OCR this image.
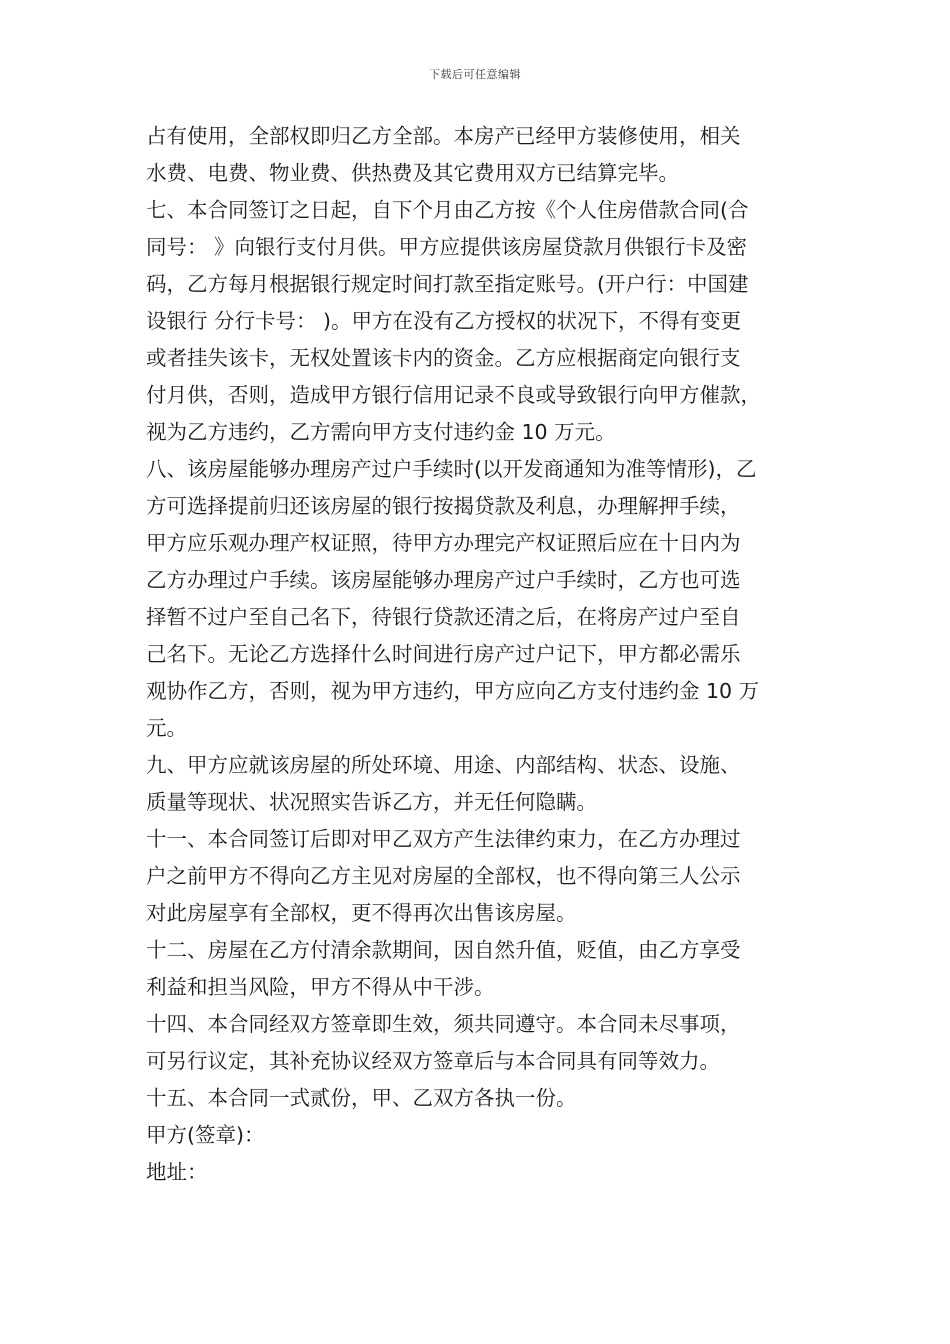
下载后可任意编辑
占有使用，全部权即归乙方全部。本房产已经甲方装修使用，相关
水费、电费、物业费、供热费及其它费用双方已结算完毕。
七、本合同签订之日起，自下个月由乙方按《个人住房借款合同(合
同号： 》向银行支付月供。甲方应提供该房屋贷款月供银行卡及密
码，乙方每月根据银行规定时间打款至指定账号。(开户行：中国建
设银行 分行卡号： )。甲方在没有乙方授权的状况下，不得有变更
或者挂失该卡，无权处置该卡内的资金。乙方应根据商定向银行支
付月供，否则，造成甲方银行信用记录不良或导致银行向甲方催款，
视为乙方违约，乙方需向甲方支付违约金 10 万元。
八、该房屋能够办理房产过户手续时(以开发商通知为准等情形)，乙
方可选择提前归还该房屋的银行按揭贷款及利息，办理解押手续，
甲方应乐观办理产权证照，待甲方办理完产权证照后应在十日内为
乙方办理过户手续。该房屋能够办理房产过户手续时，乙方也可选
择暂不过户至自己名下，待银行贷款还清之后，在将房产过户至自
己名下。无论乙方选择什么时间进行房产过户记下，甲方都必需乐
观协作乙方，否则，视为甲方违约，甲方应向乙方支付违约金 10 万
元。
九、甲方应就该房屋的所处环境、用途、内部结构、状态、设施、
质量等现状、状况照实告诉乙方，并无任何隐瞒。
十一、本合同签订后即对甲乙双方产生法律约束力，在乙方办理过
户之前甲方不得向乙方主见对房屋的全部权，也不得向第三人公示
对此房屋享有全部权，更不得再次出售该房屋。
十二、房屋在乙方付清余款期间，因自然升值，贬值，由乙方享受
利益和担当风险，甲方不得从中干涉。
十四、本合同经双方签章即生效，须共同遵守。本合同未尽事项，
可另行议定，其补充协议经双方签章后与本合同具有同等效力。
十五、本合同一式贰份，甲、乙双方各执一份。
甲方(签章)：
地址：
